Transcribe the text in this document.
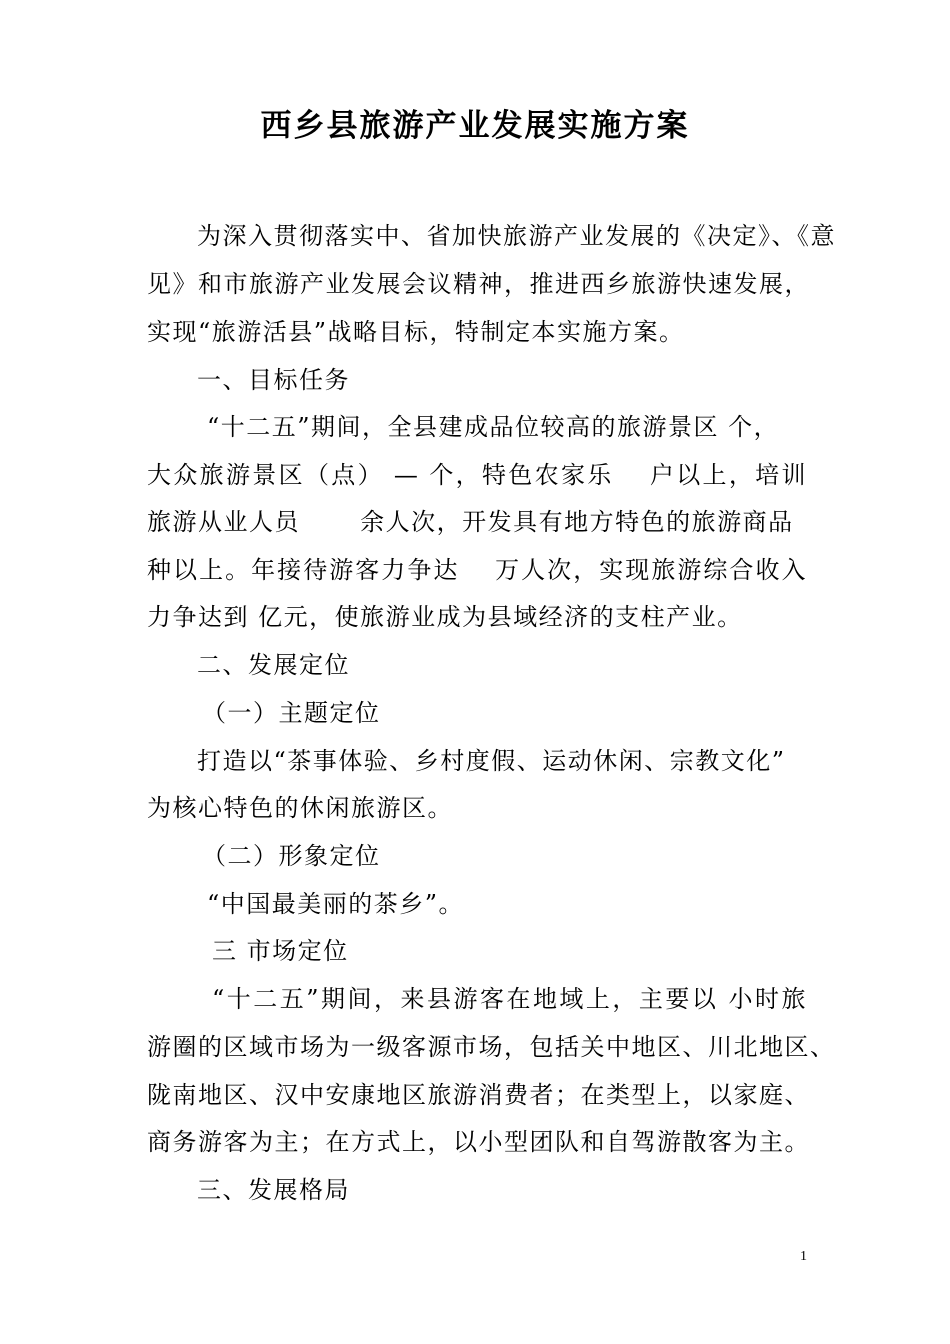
西乡县旅游产业发展实施方案
为深入贯彻落实中、省加快旅游产业发展的《决定》、《意
见》和市旅游产业发展会议精神，推进西乡旅游快速发展，
实现“旅游活县”战略目标，特制定本实施方案。
一、目标任务
“十二五”期间，全县建成品位较高的旅游景区 个，
大众旅游景区（点） — 个，特色农家乐　 户以上，培训
旅游从业人员　　 余人次，开发具有地方特色的旅游商品
种以上。年接待游客力争达　 万人次，实现旅游综合收入
力争达到 亿元，使旅游业成为县域经济的支柱产业。
二、发展定位
（一）主题定位
打造以“茶事体验、乡村度假、运动休闲、宗教文化”
为核心特色的休闲旅游区。
（二）形象定位
“中国最美丽的茶乡”。
三 市场定位
“十二五”期间，来县游客在地域上，主要以 小时旅
游圈的区域市场为一级客源市场，包括关中地区、川北地区、
陇南地区、汉中安康地区旅游消费者；在类型上，以家庭、
商务游客为主；在方式上，以小型团队和自驾游散客为主。
三、发展格局
1
